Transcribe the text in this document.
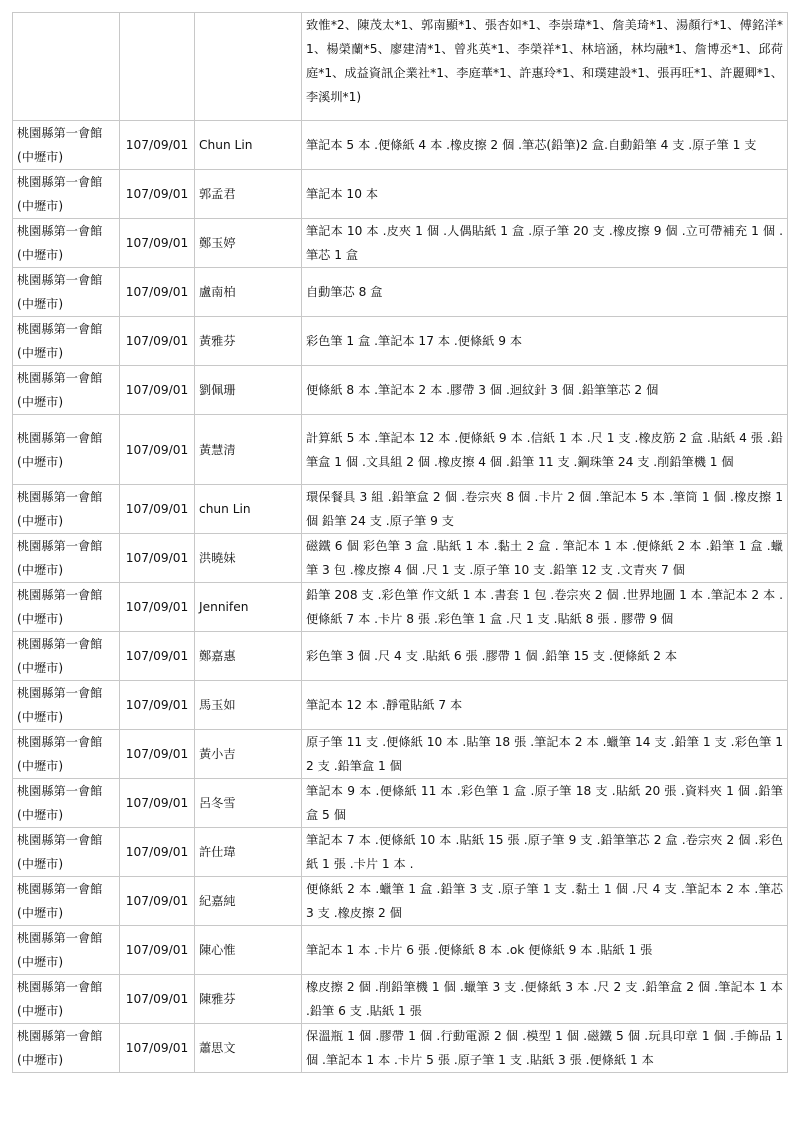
			致惟*2、陳茂太*1、郭南顯*1、張杏如*1、李崇瑋*1、詹美琦*1、湯顏行*1、傅銘洋*1、楊榮蘭*5、廖建清*1、曾兆英*1、李榮祥*1、林培涵，林均融*1、詹博丞*1、邱荷庭*1、成益資訊企業社*1、李庭華*1、許惠玲*1、和璞建設*1、張再旺*1、許麗卿*1、李溪圳*1)
桃園縣第一會館(中壢市)	107/09/01	Chun Lin	筆記本 5 本 .便條紙 4 本 .橡皮擦 2 個 .筆芯(鉛筆)2 盒.自動鉛筆 4 支 .原子筆 1 支
桃園縣第一會館(中壢市)	107/09/01	郭孟君	筆記本 10 本
桃園縣第一會館(中壢市)	107/09/01	鄭玉婷	筆記本 10 本 .皮夾 1 個 .人偶貼紙 1 盒 .原子筆 20 支 .橡皮擦 9 個 .立可帶補充 1 個 .筆芯 1 盒
桃園縣第一會館(中壢市)	107/09/01	盧南柏	自動筆芯 8 盒
桃園縣第一會館(中壢市)	107/09/01	黃雅芬	彩色筆 1 盒 .筆記本 17 本 .便條紙 9 本
桃園縣第一會館(中壢市)	107/09/01	劉佩珊	便條紙 8 本 .筆記本 2 本 .膠帶 3 個 .迴紋針 3 個 .鉛筆筆芯 2 個
桃園縣第一會館(中壢市)	107/09/01	黃慧清	計算紙 5 本 .筆記本 12 本 .便條紙 9 本 .信紙 1 本 .尺 1 支 .橡皮筋 2 盒 .貼紙 4 張 .鉛筆盒 1 個 .文具組 2 個 .橡皮擦 4 個 .鉛筆 11 支 .鋼珠筆 24 支 .削鉛筆機 1 個
桃園縣第一會館(中壢市)	107/09/01	chun Lin	環保餐具 3 組 .鉛筆盒 2 個 .卷宗夾 8 個 .卡片 2 個 .筆記本 5 本 .筆筒 1 個 .橡皮擦 1 個 鉛筆 24 支 .原子筆 9 支
桃園縣第一會館(中壢市)	107/09/01	洪曉妹	磁鐵 6 個 彩色筆 3 盒 .貼紙 1 本 .黏土 2 盒 . 筆記本 1 本 .便條紙 2 本 .鉛筆 1 盒 .蠟筆 3 包 .橡皮擦 4 個 .尺 1 支 .原子筆 10 支 .鉛筆 12 支 .文青夾 7 個
桃園縣第一會館(中壢市)	107/09/01	Jennifen	鉛筆 208 支 .彩色筆 作文紙 1 本 .書套 1 包 .卷宗夾 2 個 .世界地圖 1 本 .筆記本 2 本 .便條紙 7 本 .卡片 8 張 .彩色筆 1 盒 .尺 1 支 .貼紙 8 張 . 膠帶 9 個
桃園縣第一會館(中壢市)	107/09/01	鄭嘉惠	彩色筆 3 個 .尺 4 支 .貼紙 6 張 .膠帶 1 個 .鉛筆 15 支 .便條紙 2 本
桃園縣第一會館(中壢市)	107/09/01	馬玉如	筆記本 12 本 .靜電貼紙 7 本
桃園縣第一會館(中壢市)	107/09/01	黃小吉	原子筆 11 支 .便條紙 10 本 .貼筆 18 張 .筆記本 2 本 .蠟筆 14 支 .鉛筆 1 支 .彩色筆 12 支 .鉛筆盒 1 個
桃園縣第一會館(中壢市)	107/09/01	呂冬雪	筆記本 9 本 .便條紙 11 本 .彩色筆 1 盒 .原子筆 18 支 .貼紙 20 張 .資料夾 1 個 .鉛筆盒 5 個
桃園縣第一會館(中壢市)	107/09/01	許仕瑋	筆記本 7 本 .便條紙 10 本 .貼紙 15 張 .原子筆 9 支 .鉛筆筆芯 2 盒 .卷宗夾 2 個 .彩色紙 1 張 .卡片 1 本 .
桃園縣第一會館(中壢市)	107/09/01	紀嘉純	便條紙 2 本 .蠟筆 1 盒 .鉛筆 3 支 .原子筆 1 支 .黏土 1 個 .尺 4 支 .筆記本 2 本 .筆芯 3 支 .橡皮擦 2 個
桃園縣第一會館(中壢市)	107/09/01	陳心惟	筆記本 1 本 .卡片 6 張 .便條紙 8 本 .ok 便條紙 9 本 .貼紙 1 張
桃園縣第一會館(中壢市)	107/09/01	陳雅芬	橡皮擦 2 個 .削鉛筆機 1 個 .蠟筆 3 支 .便條紙 3 本 .尺 2 支 .鉛筆盒 2 個 .筆記本 1 本 .鉛筆 6 支 .貼紙 1 張
桃園縣第一會館(中壢市)	107/09/01	蕭思文	保溫瓶 1 個 .膠帶 1 個 .行動電源 2 個 .模型 1 個 .磁鐵 5 個 .玩具印章 1 個 .手飾品 1 個 .筆記本 1 本 .卡片 5 張 .原子筆 1 支 .貼紙 3 張 .便條紙 1 本
